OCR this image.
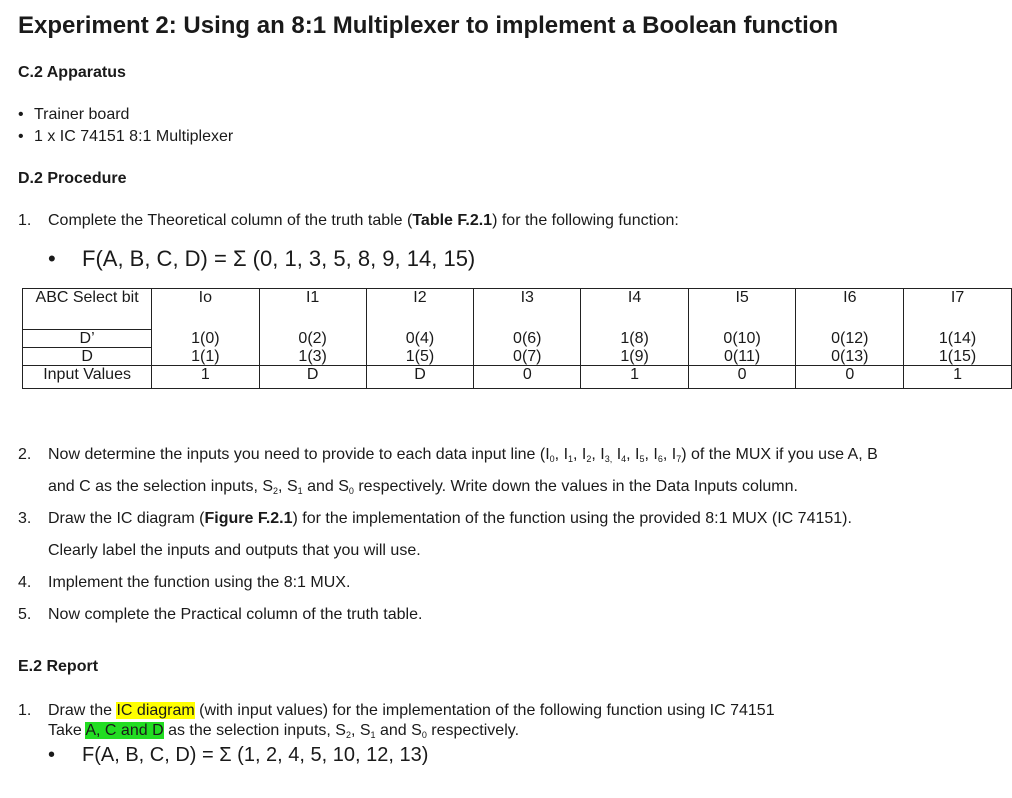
Experiment 2: Using an 8:1 Multiplexer to implement a Boolean function
C.2 Apparatus
• Trainer board
• 1 x IC 74151 8:1 Multiplexer
D.2 Procedure
1. Complete the Theoretical column of the truth table (Table F.2.1) for the following function:
• F(A, B, C, D) = Σ (0, 1, 3, 5, 8, 9, 14, 15)
ABC Select bit	Io	I1	I2	I3	I4	I5	I6	I7
D’	1(0)	0(2)	0(4)	0(6)	1(8)	0(10)	0(12)	1(14)
D	1(1)	1(3)	1(5)	0(7)	1(9)	0(11)	0(13)	1(15)
Input Values	1	D	D	0	1	0	0	1
2. Now determine the inputs you need to provide to each data input line ($I_0$, $I_1$, $I_2$, $I_{3,}$ $I_4$, $I_5$, $I_6$, $I_7$) of the MUX if you use A, B
and C as the selection inputs, $S_2$, $S_1$ and $S_0$ respectively. Write down the values in the Data Inputs column.
3. Draw the IC diagram (Figure F.2.1) for the implementation of the function using the provided 8:1 MUX (IC 74151).
Clearly label the inputs and outputs that you will use.
4. Implement the function using the 8:1 MUX.
5. Now complete the Practical column of the truth table.
E.2 Report
1. Draw the IC diagram (with input values) for the implementation of the following function using IC 74151
Take A, C and D as the selection inputs, $S_2$, $S_1$ and $S_0$ respectively.
• F(A, B, C, D) = Σ (1, 2, 4, 5, 10, 12, 13)
